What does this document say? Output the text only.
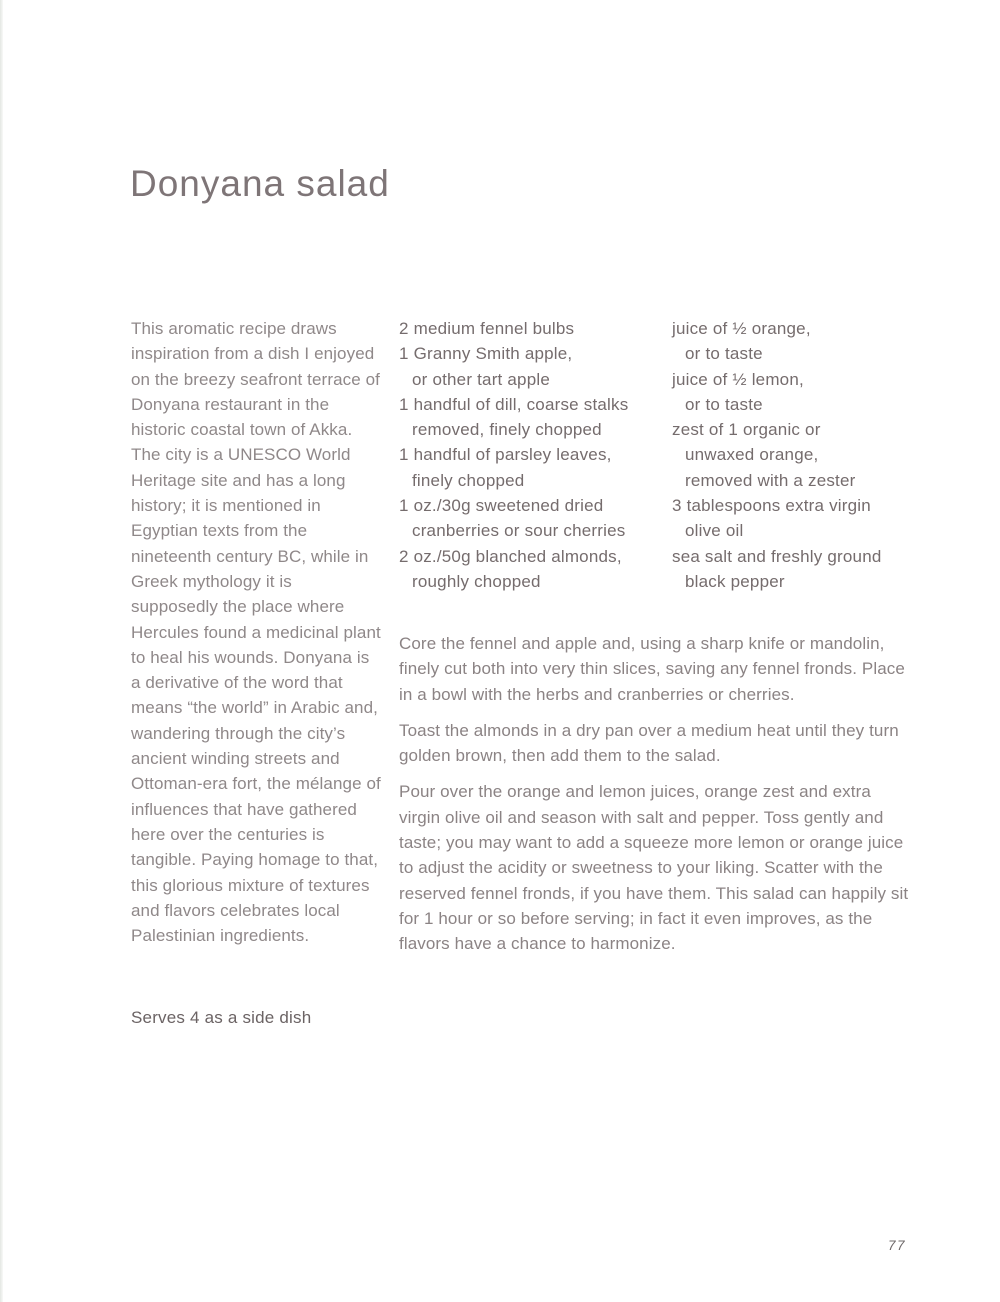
Donyana salad
This aromatic recipe draws inspiration from a dish I enjoyed on the breezy seafront terrace of Donyana restaurant in the historic coastal town of Akka. The city is a UNESCO World Heritage site and has a long history; it is mentioned in Egyptian texts from the nineteenth century BC, while in Greek mythology it is supposedly the place where Hercules found a medicinal plant to heal his wounds. Donyana is a derivative of the word that means “the world” in Arabic and, wandering through the city’s ancient winding streets and Ottoman-era fort, the mélange of influences that have gathered here over the centuries is tangible. Paying homage to that, this glorious mixture of textures and flavors celebrates local Palestinian ingredients.
Serves 4 as a side dish
2 medium fennel bulbs
1 Granny Smith apple,
or other tart apple
1 handful of dill, coarse stalks
removed, finely chopped
1 handful of parsley leaves,
finely chopped
1 oz./30g sweetened dried
cranberries or sour cherries
2 oz./50g blanched almonds,
roughly chopped
juice of ½ orange,
or to taste
juice of ½ lemon,
or to taste
zest of 1 organic or
unwaxed orange,
removed with a zester
3 tablespoons extra virgin
olive oil
sea salt and freshly ground
black pepper
Core the fennel and apple and, using a sharp knife or mandolin, finely cut both into very thin slices, saving any fennel fronds. Place in a bowl with the herbs and cranberries or cherries.
Toast the almonds in a dry pan over a medium heat until they turn golden brown, then add them to the salad.
Pour over the orange and lemon juices, orange zest and extra virgin olive oil and season with salt and pepper. Toss gently and taste; you may want to add a squeeze more lemon or orange juice to adjust the acidity or sweetness to your liking. Scatter with the reserved fennel fronds, if you have them. This salad can happily sit for 1 hour or so before serving; in fact it even improves, as the flavors have a chance to harmonize.
77
